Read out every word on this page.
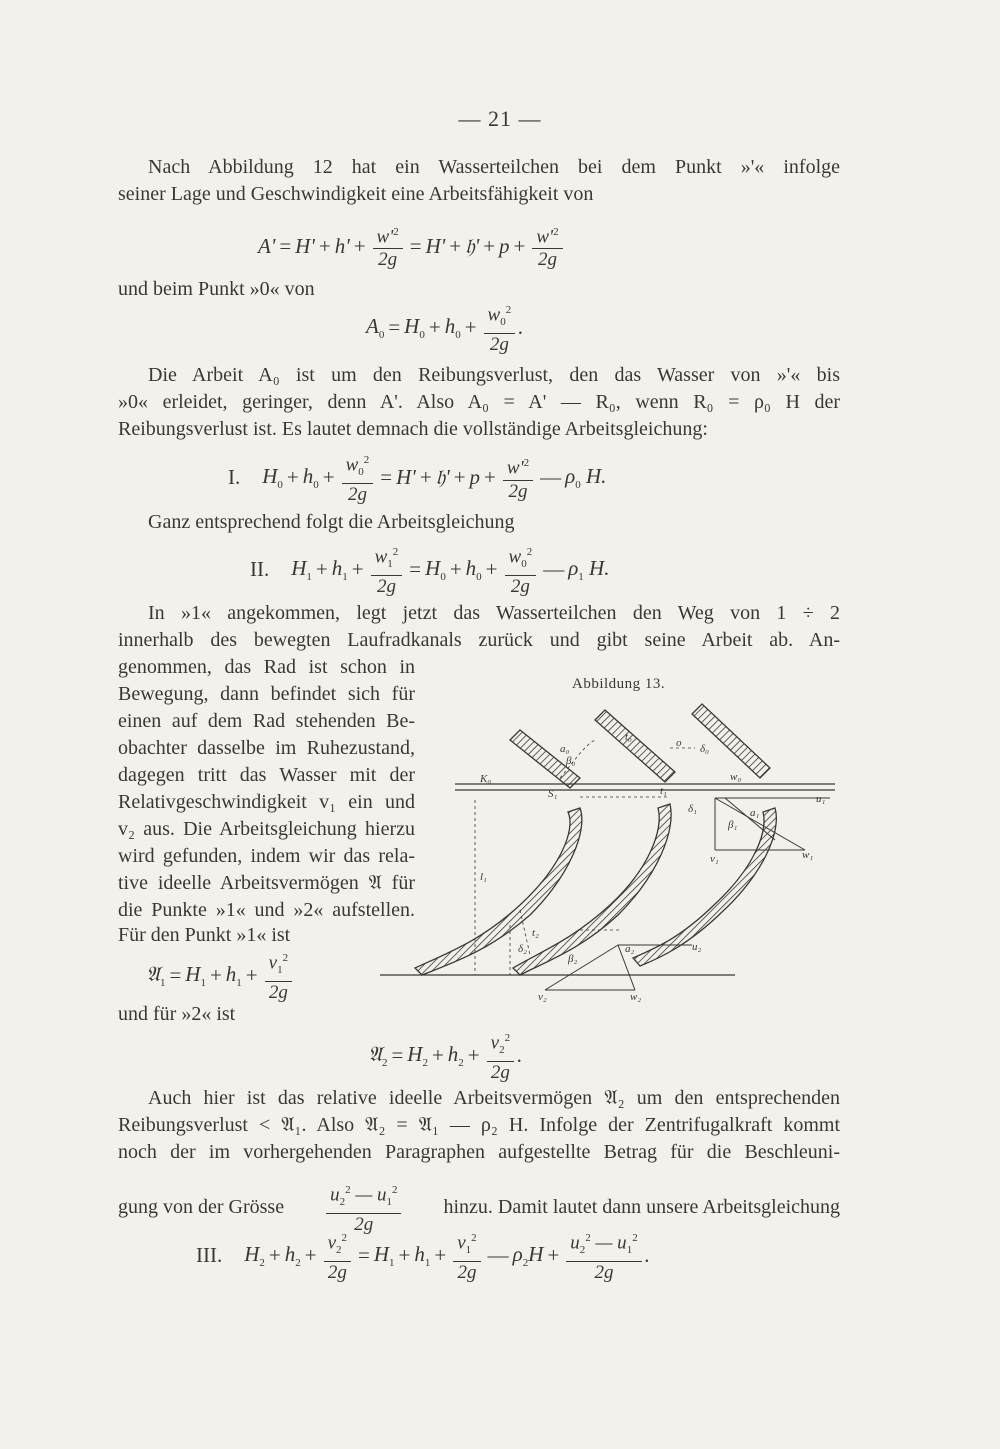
— 21 —
Nach Abbildung 12 hat ein Wasserteilchen bei dem Punkt »'« infolge
seiner Lage und Geschwindigkeit eine Arbeitsfähigkeit von
$A' = H' + h' + \frac{w'^2}{2g} = H'$ + 𝔥' + $p + \frac{w'^2}{2g}$
und beim Punkt »0« von
$A_0 = H_0 + h_0 + \frac{w_0^2}{2g}$ .
Die Arbeit A₀ ist um den Reibungsverlust, den das Wasser von »'« bis
»0« erleidet, geringer, denn A'. Also A₀ = A' — R₀, wenn R₀ = ρ₀ H der
Reibungsverlust ist. Es lautet demnach die vollständige Arbeitsgleichung:
I. $H_0 + h_0 + \frac{w_0^2}{2g} = H'$ + 𝔥' + $p + \frac{w'^2}{2g}$ — $\rho_0$ H.
Ganz entsprechend folgt die Arbeitsgleichung
II. $H_1 + h_1 + \frac{w_1^2}{2g} = H_0 + h_0 + \frac{w_0^2}{2g}$ — $\rho_1$ H.
In »1« angekommen, legt jetzt das Wasserteilchen den Weg von 1 ÷ 2
innerhalb des bewegten Laufradkanals zurück und gibt seine Arbeit ab. An-
genommen, das Rad ist schon in
Bewegung, dann befindet sich für
einen auf dem Rad stehenden Be-
obachter dasselbe im Ruhezustand,
dagegen tritt das Wasser mit der
Relativgeschwindigkeit v₁ ein und
v₂ aus. Die Arbeitsgleichung hierzu
wird gefunden, indem wir das rela-
tive ideelle Arbeitsvermögen 𝔄 für
die Punkte »1« und »2« aufstellen.
Für den Punkt »1« ist
𝔄$_1$ = $H_1 + h_1 + \frac{v_1^2}{2g}$
und für »2« ist
𝔄$_2$ = $H_2 + h_2 + \frac{v_2^2}{2g}$ .
Auch hier ist das relative ideelle Arbeitsvermögen 𝔄₂ um den entsprechenden
Reibungsverlust < 𝔄₁. Also 𝔄₂ = 𝔄₁ — ρ₂ H. Infolge der Zentrifugalkraft kommt
noch der im vorhergehenden Paragraphen aufgestellte Betrag für die Beschleuni-
gung von der Grösse $\frac{u_2^2 — u_1^2}{2g}$ hinzu. Damit lautet dann unsere Arbeitsgleichung
III. $H_2 + h_2 + \frac{v_2^2}{2g} = H_1 + h_1 + \frac{v_1^2}{2g}$ — $\rho_2H + \frac{u_2^2 — u_1^2}{2g}$ .
Abbildung 13.
t₀
a₀
β₀
δ₀
o
w₀
K₀
S₁	t₁
δ₁	a₁
β₁
u₁
v₁	w₁
l₁
t₂
δ₂	a₂
β₂
u₂
v₂	w₂
